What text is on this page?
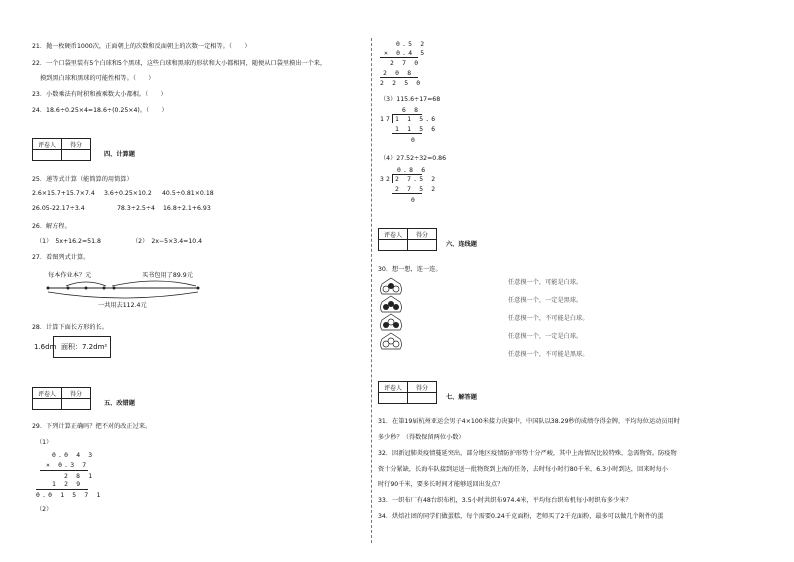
21．抛一枚硬币1000次，正面朝上的次数和反面朝上的次数一定相等。（　　）
22．一个口袋里装有5个白球和5个黑球，这些白球和黑球的形状和大小都相同，随便从口袋里摸出一个来，
摸到黑白球和黑球的可能性相等。（　　）
23．小数乘法有时积和被乘数大小都相。（　　）
24．18.6÷0.25×4=18.6÷(0.25×4)。（　　）
评卷人	得分

四、计算题
25．递等式计算（能简算的用简算）
2.6×15.7+15.7×7.4 3.6÷0.25×10.2 40.5÷0.81×0.18
26.05-22.17÷3.4	78.3÷2.5÷4 16.8÷2.1+6.93
26．解方程。
（1）　5x+16.2=51.8	（2）　2x−5×3.4=10.4
27．看图列式计算。
每本作业本？元	买书包用了89.9元
一共用去112.4元
28．计算下面长方形的长。
1.6dm 面积：7.2dm²
评卷人	得分

五、改错题
29．下列计算正确吗？把不对的改正过来。
（1）
0.0 4 3
× 0.3 7
2 8 1
1 2 9
0.0 1 5 7 1
（2）
0.5 2
× 0.4 5
2 7 0
2 0 8
2 2 5 0
（3）115.6÷17=68
6 8
17 1 1 5.6
1 1 5 6
0
（4）27.52÷32=0.86
0.8 6
32 2 7.5 2
2 7 5 2
0
评卷人	得分

六、连线题
30．想一想，连一连。
任意摸一个，可能是白球。
任意摸一个，一定是黑球。
任意摸一个，不可能是白球。
任意摸一个，一定是白球。
任意摸一个，不可能是黑球。
评卷人	得分

七、解答题
31．在第19届杭州亚运会男子4×100米接力决赛中，中国队以38.29秒的成绩夺得金牌，平均每位运动员用时
多少秒？（得数保留两位小数）
32．因新冠肺炎疫情蔓延突出，部分地区疫情防护形势十分严峻，其中上海情况比较特殊，急需物资。防疫物
资十分紧缺，长海车队接到运送一批物资到上海的任务，去时每小时行80千米，6.3小时到达，回来时每小
时行90千米，要多长时间才能够返回出发点？
33．一织布厂有48台织布机，3.5小时共织布974.4米，平均每台织布机每小时织布多少米？
34．烘焙社团的同学们做蛋糕，每个需要0.24千克面粉，老师买了2千克面粉，最多可以做几个附件的蛋
